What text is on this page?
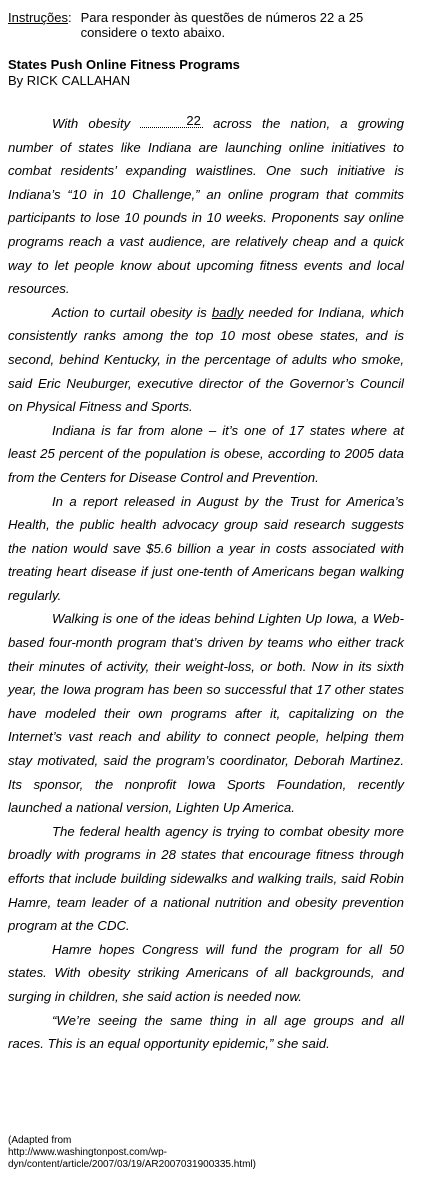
Instruções : Para responder às questões de números 22 a 25 considere o texto abaixo.
States Push Online Fitness Programs
By RICK CALLAHAN

With obesity	22 across the nation, a growing number of states like Indiana are launching online initiatives to combat residents’ expanding waistlines. One such initiative is Indiana’s “10 in 10 Challenge,” an online program that commits participants to lose 10 pounds in 10 weeks. Proponents say online programs reach a vast audience, are relatively cheap and a quick way to let people know about upcoming fitness events and local resources.

Action to curtail obesity is badly needed for Indiana, which consistently ranks among the top 10 most obese states, and is second, behind Kentucky, in the percentage of adults who smoke, said Eric Neuburger, executive director of the Governor’s Council on Physical Fitness and Sports.

Indiana is far from alone – it’s one of 17 states where at least 25 percent of the population is obese, according to 2005 data from the Centers for Disease Control and Prevention.

In a report released in August by the Trust for America’s Health, the public health advocacy group said research suggests the nation would save $5.6 billion a year in costs associated with treating heart disease if just one-tenth of Americans began walking regularly.

Walking is one of the ideas behind Lighten Up Iowa, a Web-based four-month program that’s driven by teams who either track their minutes of activity, their weight-loss, or both. Now in its sixth year, the Iowa program has been so successful that 17 other states have modeled their own programs after it, capitalizing on the Internet’s vast reach and ability to connect people, helping them stay motivated, said the program’s coordinator, Deborah Martinez. Its sponsor, the nonprofit Iowa Sports Foundation, recently launched a national version, Lighten Up America.

The federal health agency is trying to combat obesity more broadly with programs in 28 states that encourage fitness through efforts that include building sidewalks and walking trails, said Robin Hamre, team leader of a national nutrition and obesity prevention program at the CDC.

Hamre hopes Congress will fund the program for all 50 states. With obesity striking Americans of all backgrounds, and surging in children, she said action is needed now.

“We’re seeing the same thing in all age groups and all races. This is an equal opportunity epidemic,” she said.

(Adapted from
http://www.washingtonpost.com/wp-
dyn/content/article/2007/03/19/AR2007031900335.html)
